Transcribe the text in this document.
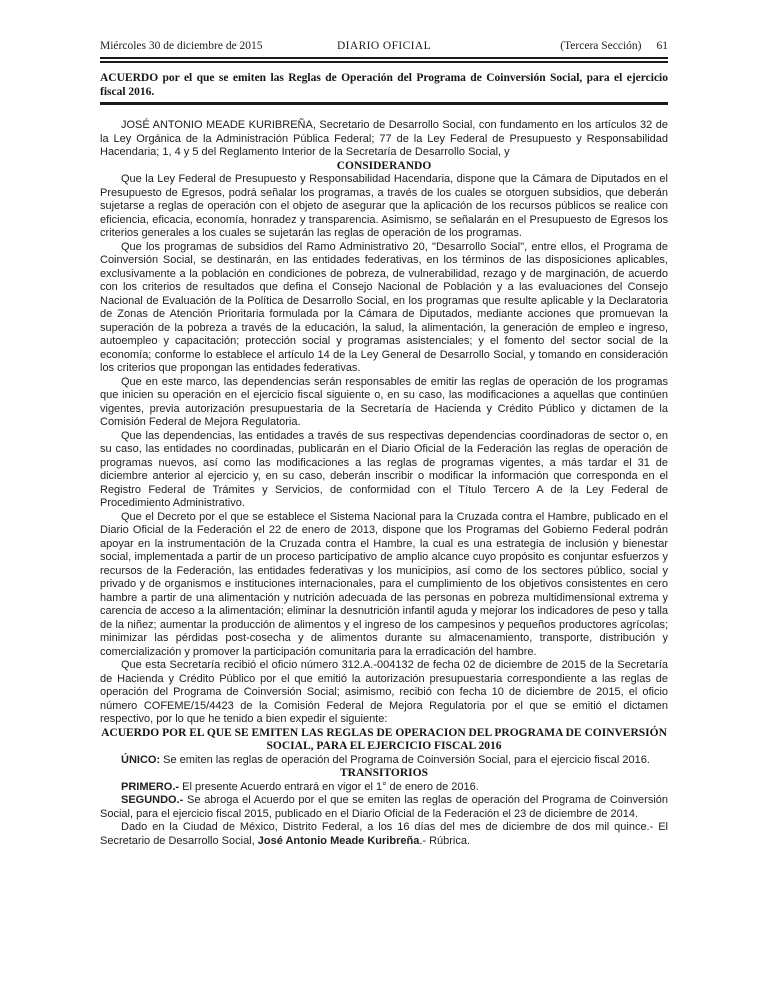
Miércoles 30 de diciembre de 2015	DIARIO OFICIAL	(Tercera Sección) 61

ACUERDO por el que se emiten las Reglas de Operación del Programa de Coinversión Social, para el ejercicio fiscal 2016.

JOSÉ ANTONIO MEADE KURIBREÑA, Secretario de Desarrollo Social, con fundamento en los artículos 32 de la Ley Orgánica de la Administración Pública Federal; 77 de la Ley Federal de Presupuesto y Responsabilidad Hacendaria; 1, 4 y 5 del Reglamento Interior de la Secretaría de Desarrollo Social, y

CONSIDERANDO

Que la Ley Federal de Presupuesto y Responsabilidad Hacendaria, dispone que la Cámara de Diputados en el Presupuesto de Egresos, podrá señalar los programas, a través de los cuales se otorguen subsidios, que deberán sujetarse a reglas de operación con el objeto de asegurar que la aplicación de los recursos públicos se realice con eficiencia, eficacia, economía, honradez y transparencia. Asimismo, se señalarán en el Presupuesto de Egresos los criterios generales a los cuales se sujetarán las reglas de operación de los programas.

Que los programas de subsidios del Ramo Administrativo 20, "Desarrollo Social", entre ellos, el Programa de Coinversión Social, se destinarán, en las entidades federativas, en los términos de las disposiciones aplicables, exclusivamente a la población en condiciones de pobreza, de vulnerabilidad, rezago y de marginación, de acuerdo con los criterios de resultados que defina el Consejo Nacional de Población y a las evaluaciones del Consejo Nacional de Evaluación de la Política de Desarrollo Social, en los programas que resulte aplicable y la Declaratoria de Zonas de Atención Prioritaria formulada por la Cámara de Diputados, mediante acciones que promuevan la superación de la pobreza a través de la educación, la salud, la alimentación, la generación de empleo e ingreso, autoempleo y capacitación; protección social y programas asistenciales; y el fomento del sector social de la economía; conforme lo establece el artículo 14 de la Ley General de Desarrollo Social, y tomando en consideración los criterios que propongan las entidades federativas.

Que en este marco, las dependencias serán responsables de emitir las reglas de operación de los programas que inicien su operación en el ejercicio fiscal siguiente o, en su caso, las modificaciones a aquellas que continúen vigentes, previa autorización presupuestaria de la Secretaría de Hacienda y Crédito Público y dictamen de la Comisión Federal de Mejora Regulatoria.

Que las dependencias, las entidades a través de sus respectivas dependencias coordinadoras de sector o, en su caso, las entidades no coordinadas, publicarán en el Diario Oficial de la Federación las reglas de operación de programas nuevos, así como las modificaciones a las reglas de programas vigentes, a más tardar el 31 de diciembre anterior al ejercicio y, en su caso, deberán inscribir o modificar la información que corresponda en el Registro Federal de Trámites y Servicios, de conformidad con el Título Tercero A de la Ley Federal de Procedimiento Administrativo.

Que el Decreto por el que se establece el Sistema Nacional para la Cruzada contra el Hambre, publicado en el Diario Oficial de la Federación el 22 de enero de 2013, dispone que los Programas del Gobierno Federal podrán apoyar en la instrumentación de la Cruzada contra el Hambre, la cual es una estrategia de inclusión y bienestar social, implementada a partir de un proceso participativo de amplio alcance cuyo propósito es conjuntar esfuerzos y recursos de la Federación, las entidades federativas y los municipios, así como de los sectores público, social y privado y de organismos e instituciones internacionales, para el cumplimiento de los objetivos consistentes en cero hambre a partir de una alimentación y nutrición adecuada de las personas en pobreza multidimensional extrema y carencia de acceso a la alimentación; eliminar la desnutrición infantil aguda y mejorar los indicadores de peso y talla de la niñez; aumentar la producción de alimentos y el ingreso de los campesinos y pequeños productores agrícolas; minimizar las pérdidas post-cosecha y de alimentos durante su almacenamiento, transporte, distribución y comercialización y promover la participación comunitaria para la erradicación del hambre.

Que esta Secretaría recibió el oficio número 312.A.-004132 de fecha 02 de diciembre de 2015 de la Secretaría de Hacienda y Crédito Público por el que emitió la autorización presupuestaria correspondiente a las reglas de operación del Programa de Coinversión Social; asimismo, recibió con fecha 10 de diciembre de 2015, el oficio número COFEME/15/4423 de la Comisión Federal de Mejora Regulatoria por el que se emitió el dictamen respectivo, por lo que he tenido a bien expedir el siguiente:

ACUERDO POR EL QUE SE EMITEN LAS REGLAS DE OPERACION DEL PROGRAMA DE COINVERSIÓN SOCIAL, PARA EL EJERCICIO FISCAL 2016

ÚNICO: Se emiten las reglas de operación del Programa de Coinversión Social, para el ejercicio fiscal 2016.

TRANSITORIOS

PRIMERO.- El presente Acuerdo entrará en vigor el 1° de enero de 2016.

SEGUNDO.- Se abroga el Acuerdo por el que se emiten las reglas de operación del Programa de Coinversión Social, para el ejercicio fiscal 2015, publicado en el Diario Oficial de la Federación el 23 de diciembre de 2014.

Dado en la Ciudad de México, Distrito Federal, a los 16 días del mes de diciembre de dos mil quince.- El Secretario de Desarrollo Social, José Antonio Meade Kuribreña.- Rúbrica.
